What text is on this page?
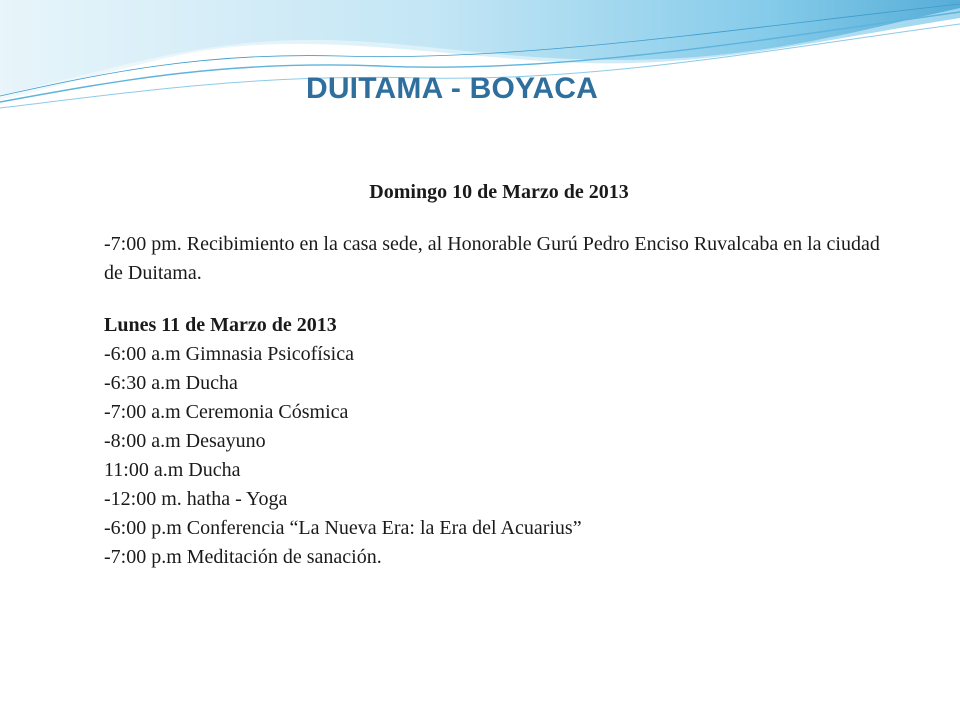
DUITAMA - BOYACA
Domingo 10 de Marzo de 2013
-7:00 pm. Recibimiento en la casa sede, al Honorable Gurú Pedro Enciso Ruvalcaba en la ciudad de Duitama.
Lunes 11 de Marzo de 2013
-6:00 a.m Gimnasia Psicofísica
-6:30 a.m Ducha
-7:00 a.m Ceremonia Cósmica
-8:00 a.m Desayuno
11:00 a.m Ducha
-12:00 m. hatha - Yoga
-6:00 p.m Conferencia “La Nueva Era: la Era del Acuarius”
-7:00 p.m Meditación de sanación.
